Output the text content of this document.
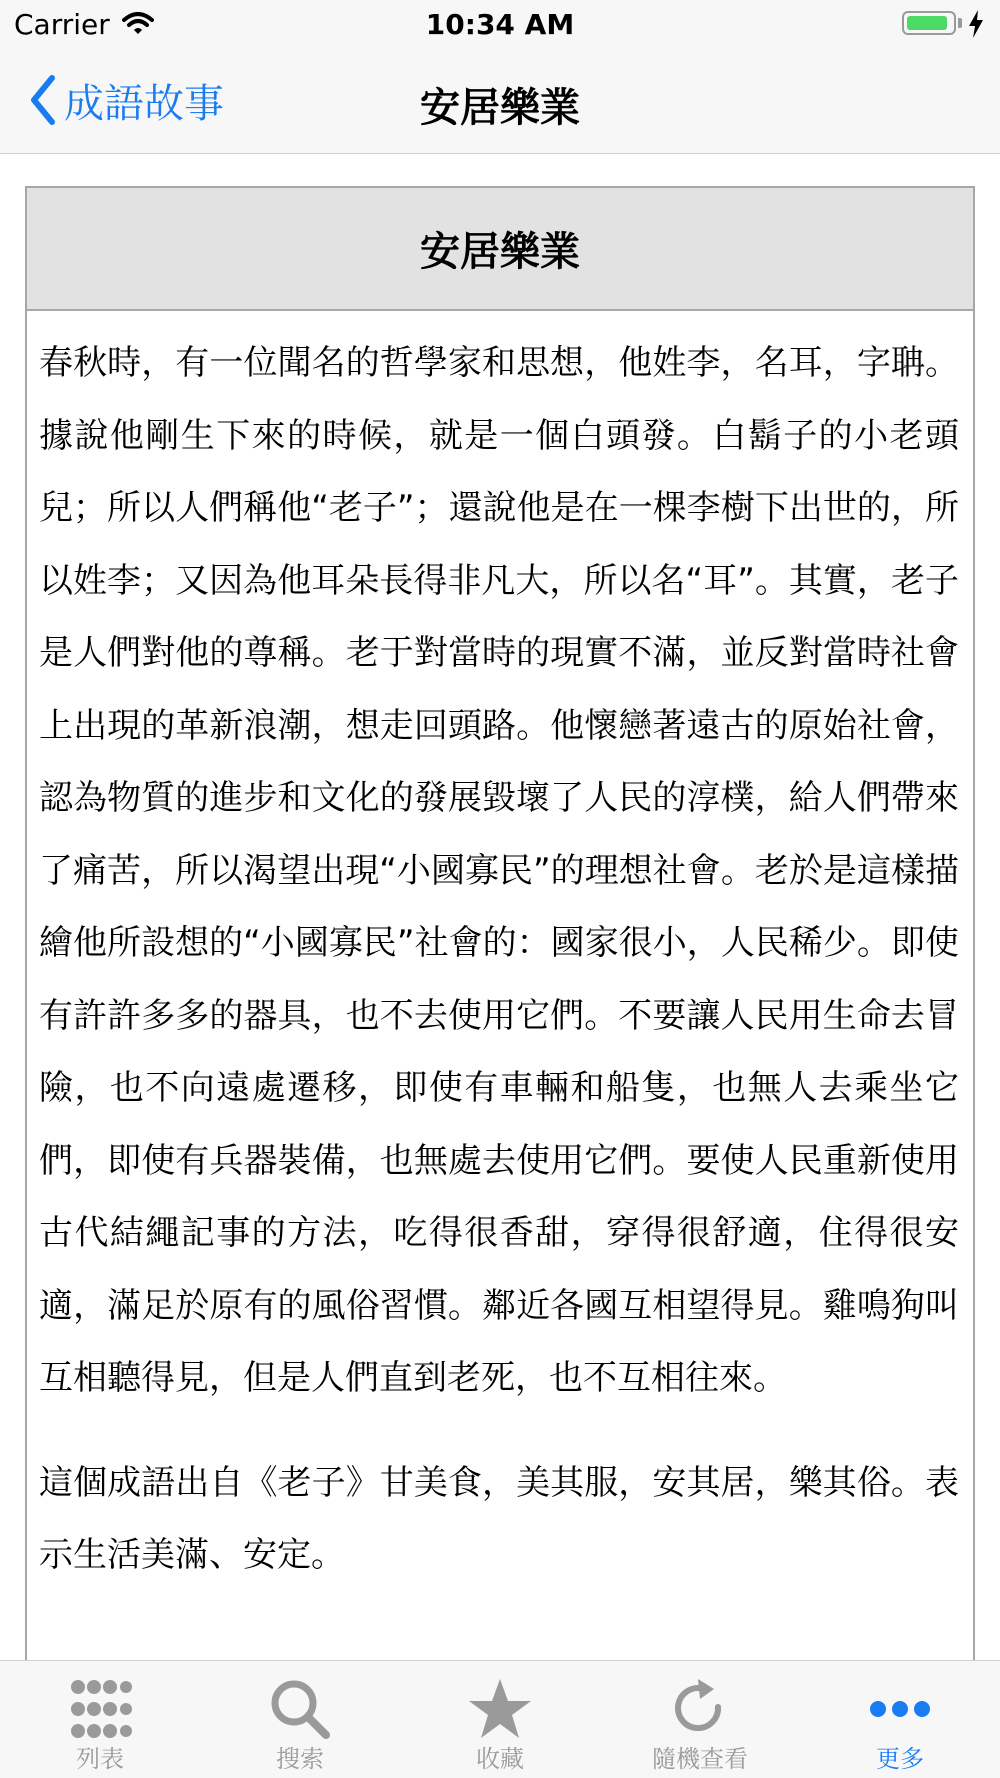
Carrier	10:34 AM
成語故事	安居樂業
安居樂業

春秋時，有一位聞名的哲學家和思想，他姓李，名耳，字聃。據說他剛生下來的時候，就是一個白頭發。白鬍子的小老頭兒；所以人們稱他“老子”；還說他是在一棵李樹下出世的，所以姓李；又因為他耳朵長得非凡大，所以名“耳”。其實，老子是人們對他的尊稱。老于對當時的現實不滿，並反對當時社會上出現的革新浪潮，想走回頭路。他懷戀著遠古的原始社會，認為物質的進步和文化的發展毀壞了人民的淳樸，給人們帶來了痛苦，所以渴望出現“小國寡民”的理想社會。老於是這樣描繪他所設想的“小國寡民”社會的：國家很小，人民稀少。即使有許許多多的器具，也不去使用它們。不要讓人民用生命去冒險，也不向遠處遷移，即使有車輛和船隻，也無人去乘坐它們，即使有兵器裝備，也無處去使用它們。要使人民重新使用古代結繩記事的方法，吃得很香甜，穿得很舒適，住得很安適，滿足於原有的風俗習慣。鄰近各國互相望得見。雞鳴狗叫互相聽得見，但是人們直到老死，也不互相往來。

這個成語出自《老子》甘美食，美其服，安其居，樂其俗。表示生活美滿、安定。

列表	搜索	收藏	隨機查看	更多
